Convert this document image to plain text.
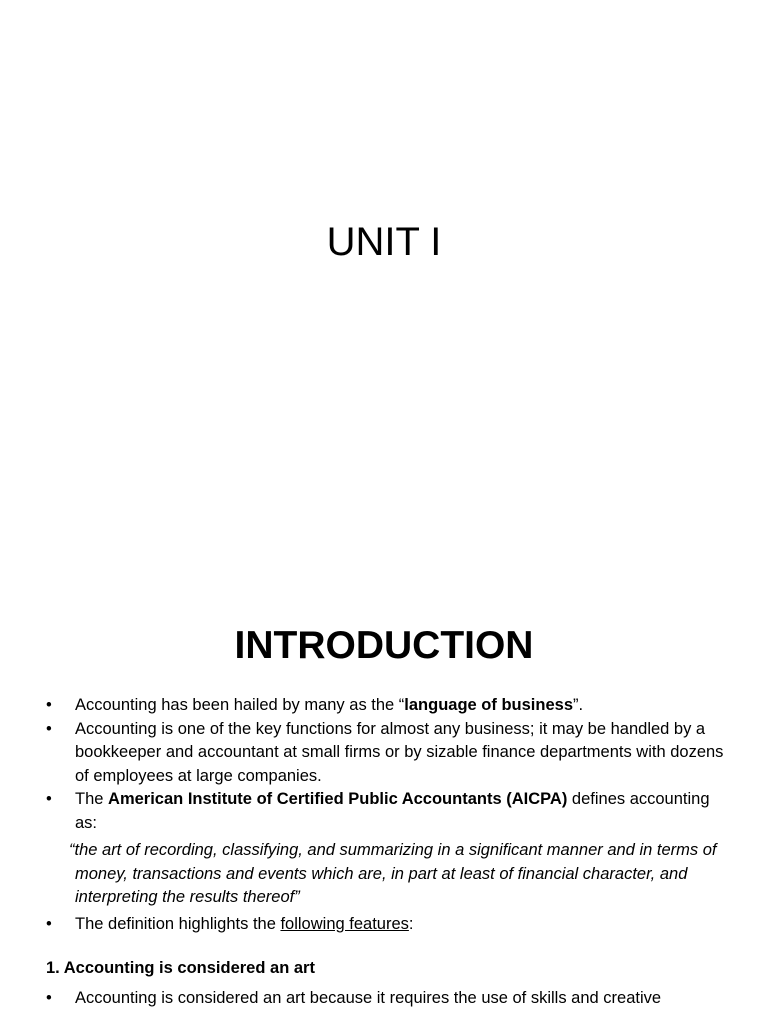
UNIT I
INTRODUCTION
• Accounting has been hailed by many as the “language of business”.
• Accounting is one of the key functions for almost any business; it may be handled by a bookkeeper and accountant at small firms or by sizable finance departments with dozens of employees at large companies.
• The American Institute of Certified Public Accountants (AICPA) defines accounting as:
“the art of recording, classifying, and summarizing in a significant manner and in terms of money, transactions and events which are, in part at least of financial character, and interpreting the results thereof”
• The definition highlights the following features:
1. Accounting is considered an art
• Accounting is considered an art because it requires the use of skills and creative
